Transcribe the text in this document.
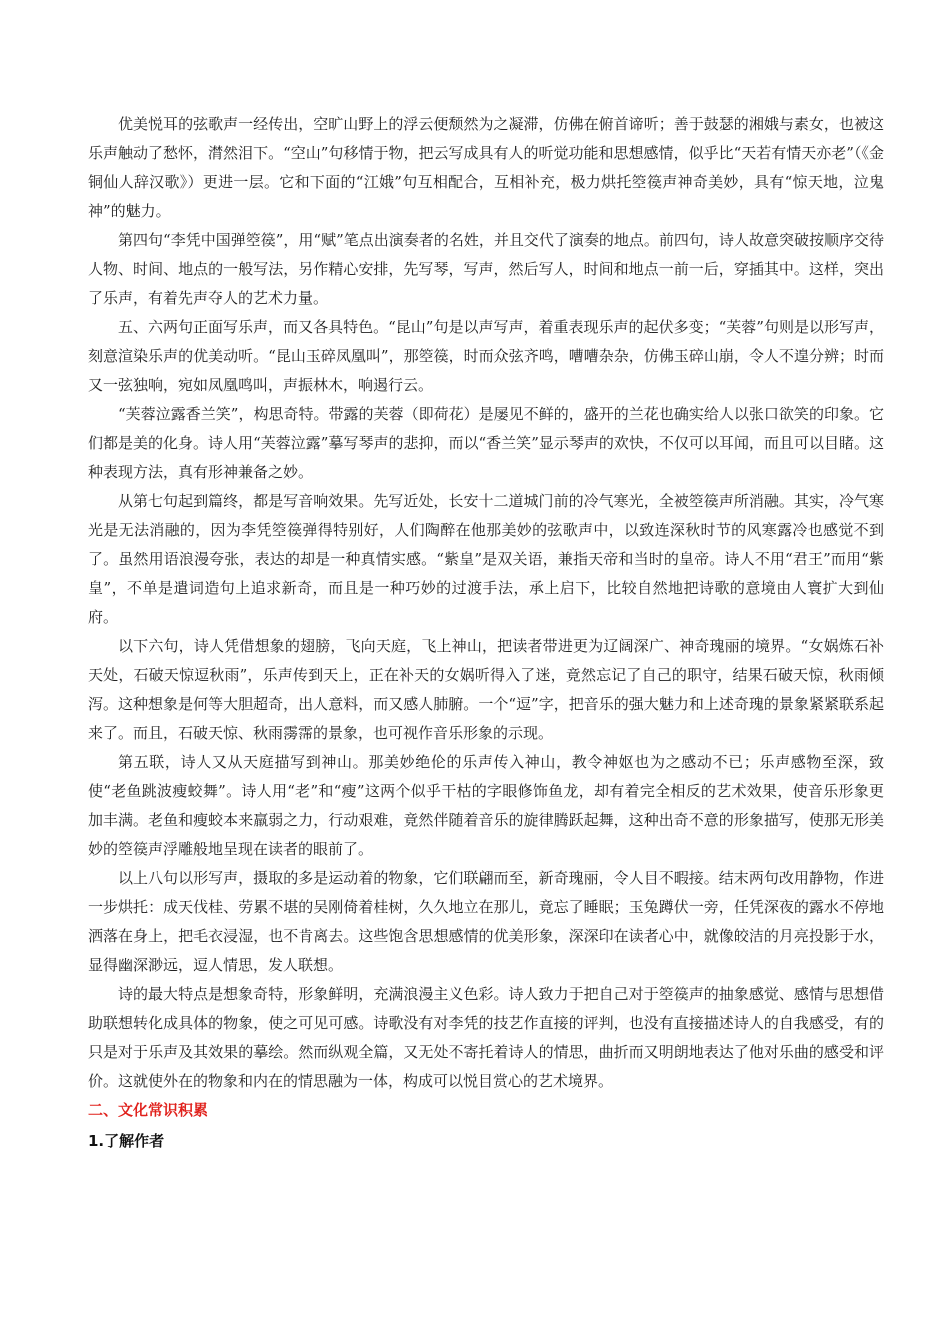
优美悦耳的弦歌声一经传出，空旷山野上的浮云便颓然为之凝滞，仿佛在俯首谛听；善于鼓瑟的湘娥与素女，也被这乐声触动了愁怀，潸然泪下。“空山”句移情于物，把云写成具有人的听觉功能和思想感情，似乎比“天若有情天亦老”（《金铜仙人辞汉歌》）更进一层。它和下面的“江娥”句互相配合，互相补充，极力烘托箜篌声神奇美妙，具有“惊天地，泣鬼神”的魅力。

第四句“李凭中国弹箜篌”，用“赋”笔点出演奏者的名姓，并且交代了演奏的地点。前四句，诗人故意突破按顺序交待人物、时间、地点的一般写法，另作精心安排，先写琴，写声，然后写人，时间和地点一前一后，穿插其中。这样，突出了乐声，有着先声夺人的艺术力量。

五、六两句正面写乐声，而又各具特色。“昆山”句是以声写声，着重表现乐声的起伏多变；“芙蓉”句则是以形写声，刻意渲染乐声的优美动听。“昆山玉碎凤凰叫”，那箜篌，时而众弦齐鸣，嘈嘈杂杂，仿佛玉碎山崩，令人不遑分辨；时而又一弦独响，宛如凤凰鸣叫，声振林木，响遏行云。

“芙蓉泣露香兰笑”，构思奇特。带露的芙蓉（即荷花）是屡见不鲜的，盛开的兰花也确实给人以张口欲笑的印象。它们都是美的化身。诗人用“芙蓉泣露”摹写琴声的悲抑，而以“香兰笑”显示琴声的欢快，不仅可以耳闻，而且可以目睹。这种表现方法，真有形神兼备之妙。

从第七句起到篇终，都是写音响效果。先写近处，长安十二道城门前的冷气寒光，全被箜篌声所消融。其实，冷气寒光是无法消融的，因为李凭箜篌弹得特别好，人们陶醉在他那美妙的弦歌声中，以致连深秋时节的风寒露冷也感觉不到了。虽然用语浪漫夸张，表达的却是一种真情实感。“紫皇”是双关语，兼指天帝和当时的皇帝。诗人不用“君王”而用“紫皇”，不单是遣词造句上追求新奇，而且是一种巧妙的过渡手法，承上启下，比较自然地把诗歌的意境由人寰扩大到仙府。

以下六句，诗人凭借想象的翅膀，飞向天庭，飞上神山，把读者带进更为辽阔深广、神奇瑰丽的境界。“女娲炼石补天处，石破天惊逗秋雨”，乐声传到天上，正在补天的女娲听得入了迷，竟然忘记了自己的职守，结果石破天惊，秋雨倾泻。这种想象是何等大胆超奇，出人意料，而又感人肺腑。一个“逗”字，把音乐的强大魅力和上述奇瑰的景象紧紧联系起来了。而且，石破天惊、秋雨霶霈的景象，也可视作音乐形象的示现。

第五联，诗人又从天庭描写到神山。那美妙绝伦的乐声传入神山，教令神妪也为之感动不已；乐声感物至深，致使“老鱼跳波瘦蛟舞”。诗人用“老”和“瘦”这两个似乎干枯的字眼修饰鱼龙，却有着完全相反的艺术效果，使音乐形象更加丰满。老鱼和瘦蛟本来羸弱之力，行动艰难，竟然伴随着音乐的旋律腾跃起舞，这种出奇不意的形象描写，使那无形美妙的箜篌声浮雕般地呈现在读者的眼前了。

以上八句以形写声，摄取的多是运动着的物象，它们联翩而至，新奇瑰丽，令人目不暇接。结末两句改用静物，作进一步烘托：成天伐桂、劳累不堪的吴刚倚着桂树，久久地立在那儿，竟忘了睡眠；玉兔蹲伏一旁，任凭深夜的露水不停地洒落在身上，把毛衣浸湿，也不肯离去。这些饱含思想感情的优美形象，深深印在读者心中，就像皎洁的月亮投影于水，显得幽深渺远，逗人情思，发人联想。

诗的最大特点是想象奇特，形象鲜明，充满浪漫主义色彩。诗人致力于把自己对于箜篌声的抽象感觉、感情与思想借助联想转化成具体的物象，使之可见可感。诗歌没有对李凭的技艺作直接的评判，也没有直接描述诗人的自我感受，有的只是对于乐声及其效果的摹绘。然而纵观全篇，又无处不寄托着诗人的情思，曲折而又明朗地表达了他对乐曲的感受和评价。这就使外在的物象和内在的情思融为一体，构成可以悦目赏心的艺术境界。

二、文化常识积累

1.了解作者
